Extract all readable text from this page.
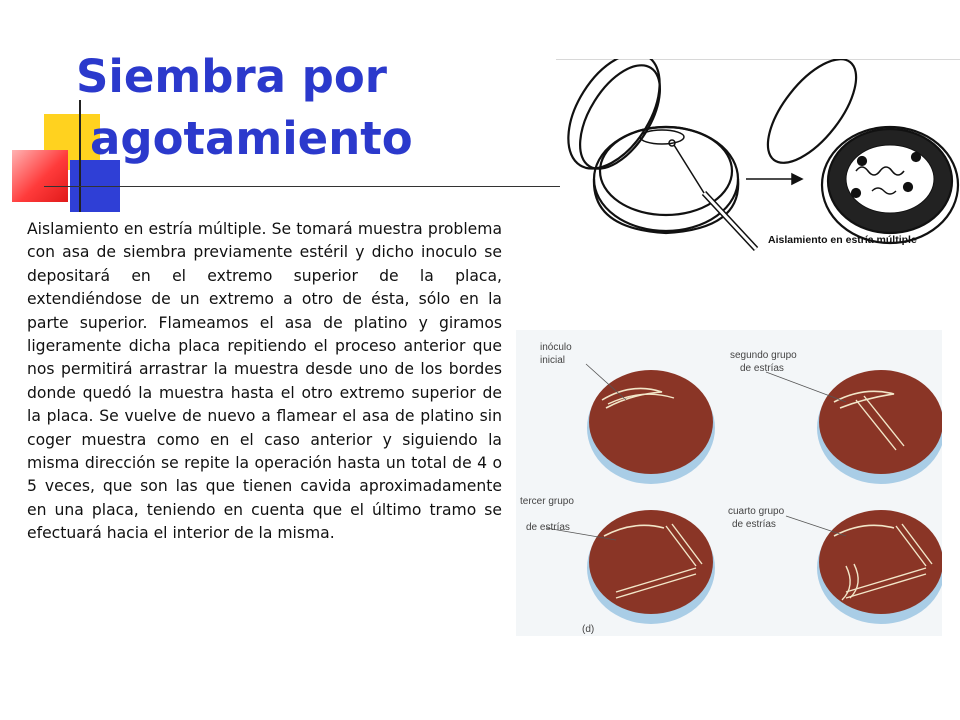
Siembra por
agotamiento

Aislamiento en estría múltiple. Se tomará muestra problema con asa de siembra previamente estéril y dicho inoculo se depositará en el extremo superior de la placa, extendiéndose de un extremo a otro de ésta, sólo en la parte superior. Flameamos el asa de platino y giramos ligeramente dicha placa repitiendo el proceso anterior que nos permitirá arrastrar la muestra desde uno de los bordes donde quedó la muestra hasta el otro extremo superior de la placa. Se vuelve de nuevo a flamear el asa de platino sin coger muestra como en el caso anterior y siguiendo la misma dirección se repite la operación hasta un total de 4 o 5 veces, que son las que tienen cavida aproximadamente en una placa, teniendo en cuenta que el último tramo se efectuará hacia el interior de la misma.

Aislamiento en estría múltiple
inóculo
inicial	segundo grupo
de estrías
tercer grupo
de estrías
cuarto grupo
de estrías
(d)
